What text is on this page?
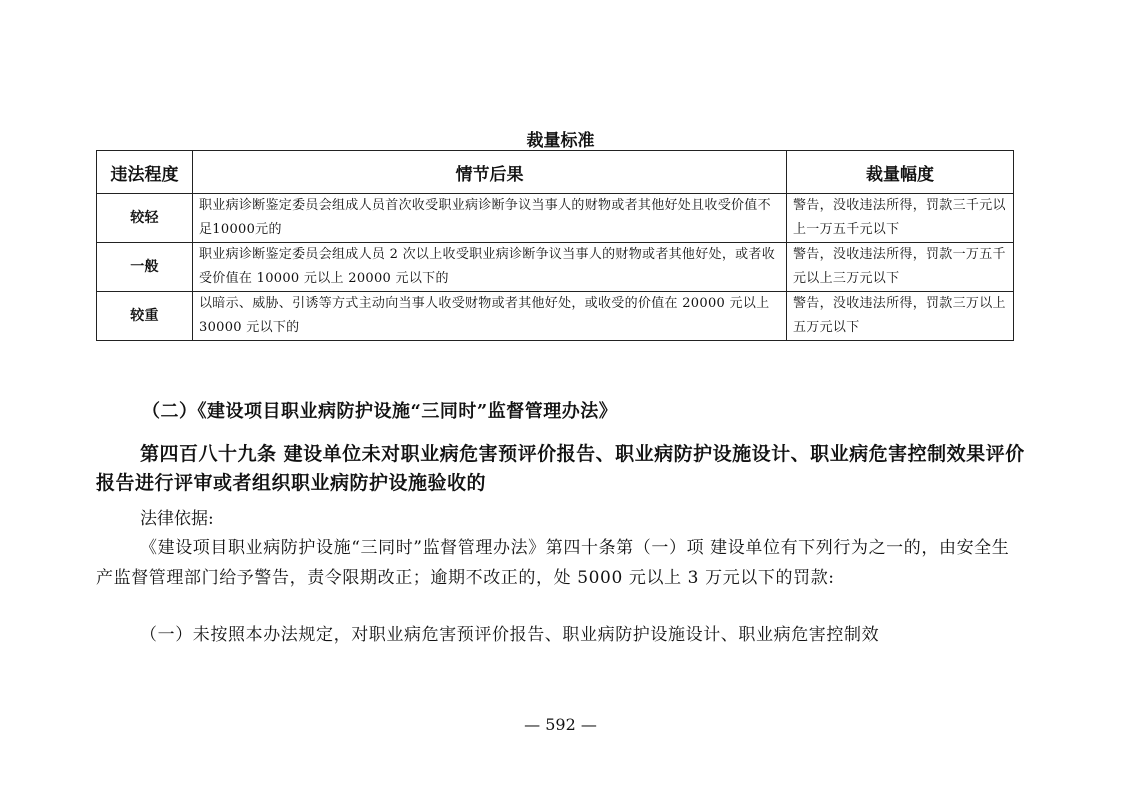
裁量标准
违法程度	情节后果	裁量幅度
较轻	职业病诊断鉴定委员会组成人员首次收受职业病诊断争议当事人的财物或者其他好处且收受价值不足10000元的	警告，没收违法所得，罚款三千元以上一万五千元以下
一般	职业病诊断鉴定委员会组成人员 2 次以上收受职业病诊断争议当事人的财物或者其他好处，或者收受价值在 10000 元以上 20000 元以下的	警告，没收违法所得，罚款一万五千元以上三万元以下
较重	以暗示、威胁、引诱等方式主动向当事人收受财物或者其他好处，或收受的价值在 20000 元以上 30000 元以下的	警告，没收违法所得，罚款三万以上五万元以下
（二）《建设项目职业病防护设施“三同时”监督管理办法》
第四百八十九条 建设单位未对职业病危害预评价报告、职业病防护设施设计、职业病危害控制效果评价报告进行评审或者组织职业病防护设施验收的
法律依据:
《建设项目职业病防护设施“三同时”监督管理办法》第四十条第（一）项 建设单位有下列行为之一的，由安全生产监督管理部门给予警告，责令限期改正；逾期不改正的，处 5000 元以上 3 万元以下的罚款:
（一）未按照本办法规定，对职业病危害预评价报告、职业病防护设施设计、职业病危害控制效
— 592 —
